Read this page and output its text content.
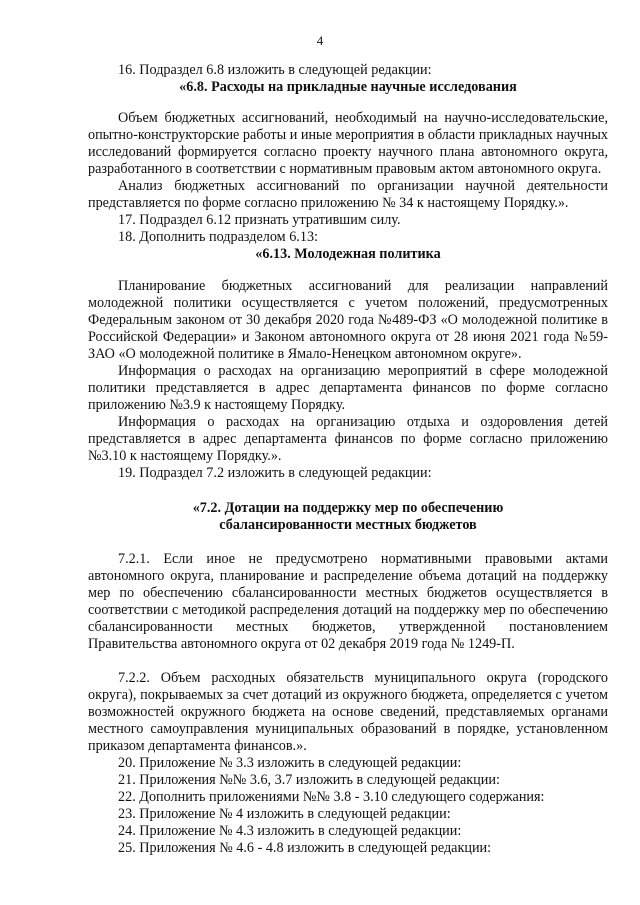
4

16. Подраздел 6.8 изложить в следующей редакции:

«6.8. Расходы на прикладные научные исследования

Объем бюджетных ассигнований, необходимый на научно-исследовательские, опытно-конструкторские работы и иные мероприятия в области прикладных научных исследований формируется согласно проекту научного плана автономного округа, разработанного в соответствии с нормативным правовым актом автономного округа.

Анализ бюджетных ассигнований по организации научной деятельности представляется по форме согласно приложению № 34 к настоящему Порядку.».

17. Подраздел 6.12 признать утратившим силу.

18. Дополнить подразделом 6.13:

«6.13. Молодежная политика

Планирование бюджетных ассигнований для реализации направлений молодежной политики осуществляется с учетом положений, предусмотренных Федеральным законом от 30 декабря 2020 года №489-ФЗ «О молодежной политике в Российской Федерации» и Законом автономного округа от 28 июня 2021 года №59-ЗАО «О молодежной политике в Ямало-Ненецком автономном округе».

Информация о расходах на организацию мероприятий в сфере молодежной политики представляется в адрес департамента финансов по форме согласно приложению №3.9 к настоящему Порядку.

Информация о расходах на организацию отдыха и оздоровления детей представляется в адрес департамента финансов по форме согласно приложению №3.10 к настоящему Порядку.».

19. Подраздел 7.2 изложить в следующей редакции:

«7.2. Дотации на поддержку мер по обеспечению

сбалансированности местных бюджетов

7.2.1. Если иное не предусмотрено нормативными правовыми актами автономного округа, планирование и распределение объема дотаций на поддержку мер по обеспечению сбалансированности местных бюджетов осуществляется в соответствии с методикой распределения дотаций на поддержку мер по обеспечению сбалансированности местных бюджетов, утвержденной постановлением Правительства автономного округа от 02 декабря 2019 года № 1249-П.

7.2.2. Объем расходных обязательств муниципального округа (городского округа), покрываемых за счет дотаций из окружного бюджета, определяется с учетом возможностей окружного бюджета на основе сведений, представляемых органами местного самоуправления муниципальных образований в порядке, установленном приказом департамента финансов.».

20. Приложение № 3.3 изложить в следующей редакции:

21. Приложения №№ 3.6, 3.7 изложить в следующей редакции:

22. Дополнить приложениями №№ 3.8 - 3.10 следующего содержания:

23. Приложение № 4 изложить в следующей редакции:

24. Приложение № 4.3 изложить в следующей редакции:

25. Приложения № 4.6 - 4.8 изложить в следующей редакции:
